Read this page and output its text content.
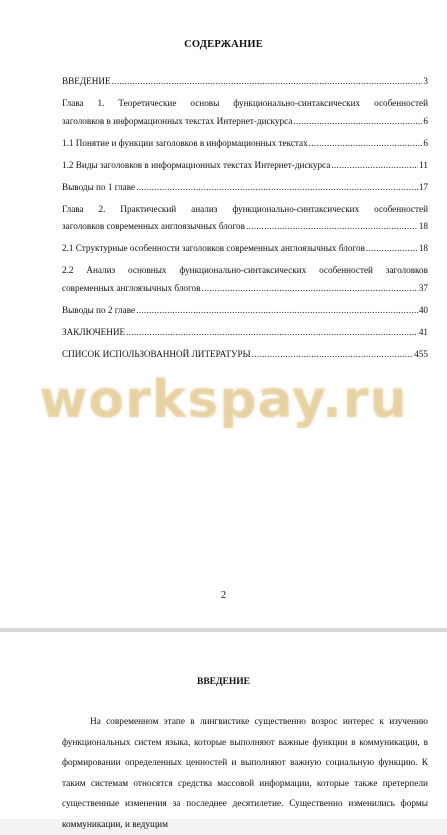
СОДЕРЖАНИЕ
ВВЕДЕНИЕ .....	3
Глава 1. Теоретические основы функционально-синтаксических особенностей
заголовков в информационных текстах Интернет-дискурса .....	6
1.1 Понятие и функции заголовков в информационных текстах .....	6
1.2 Виды заголовков в информационных текстах Интернет-дискурса .....	11
Выводы по 1 главе .....	17
Глава 2. Практический анализ функционально-синтаксических особенностей
заголовков современных англоязычных блогов .....	18
2.1 Структурные особенности заголовков современных англоязычных блогов .....	18
2.2 Анализ основных функционально-синтаксических особенностей заголовков
современных англоязычных блогов .....	37
Выводы по 2 главе .....	40
ЗАКЛЮЧЕНИЕ .....	41
СПИСОК ИСПОЛЬЗОВАННОЙ ЛИТЕРАТУРЫ .....	455
workspay.ru
2
ВВЕДЕНИЕ
На современном этапе в лингвистике существенно возрос интерес к изучению функциональных систем языка, которые выполняют важные функции в коммуникации, в формировании определенных ценностей и выполняют важную социальную функцию. К таким системам относятся средства массовой информации, которые также претерпели существенные изменения за последнее десятилетие. Существенно изменились формы коммуникации, и ведущим
